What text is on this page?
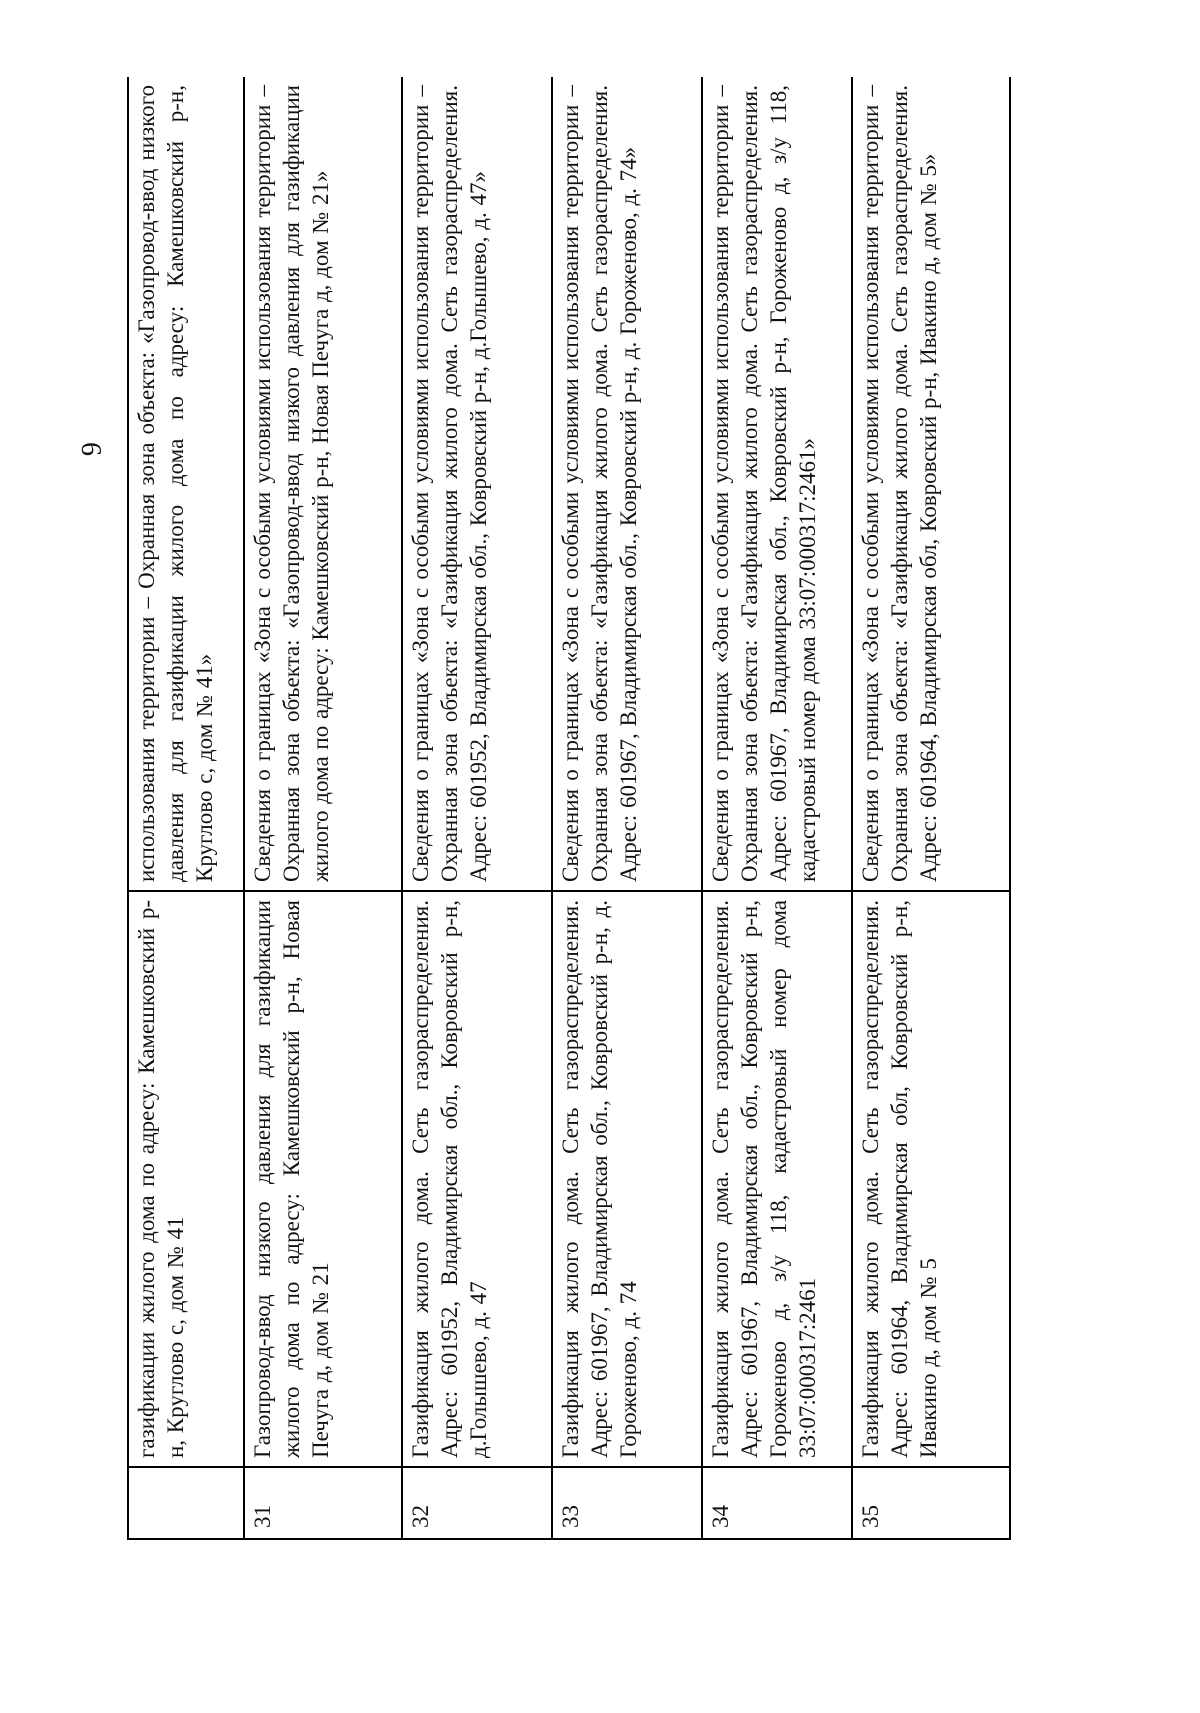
6
	газификации жилого дома по адресу: Камешковский р-н, Круглово с, дом № 41	использования территории – Охранная зона объекта: «Газопровод-ввод низкого давления для газификации жилого дома по адресу: Камешковский р-н, Круглово с, дом № 41»
31	Газопровод-ввод низкого давления для газификации жилого дома по адресу: Камешковский р-н, Новая Печуга д, дом № 21	Сведения о границах «Зона с особыми условиями использования территории – Охранная зона объекта: «Газопровод-ввод низкого давления для газификации жилого дома по адресу: Камешковский р-н, Новая Печуга д, дом № 21»
32	Газификация жилого дома. Сеть газораспределения. Адрес: 601952, Владимирская обл., Ковровский р-н, д.Голышево, д. 47	Сведения о границах «Зона с особыми условиями использования территории – Охранная зона объекта: «Газификация жилого дома. Сеть газораспределения. Адрес: 601952, Владимирская обл., Ковровский р-н, д.Голышево, д. 47»
33	Газификация жилого дома. Сеть газораспределения. Адрес: 601967, Владимирская обл., Ковровский р-н, д. Гороженово, д. 74	Сведения о границах «Зона с особыми условиями использования территории – Охранная зона объекта: «Газификация жилого дома. Сеть газораспределения. Адрес: 601967, Владимирская обл., Ковровский р-н, д. Гороженово, д. 74»
34	Газификация жилого дома. Сеть газораспределения. Адрес: 601967, Владимирская обл., Ковровский р-н, Гороженово д, з/у 118, кадастровый номер дома 33:07:000317:2461	Сведения о границах «Зона с особыми условиями использования территории – Охранная зона объекта: «Газификация жилого дома. Сеть газораспределения. Адрес: 601967, Владимирская обл., Ковровский р-н, Гороженово д, з/у 118, кадастровый номер дома 33:07:000317:2461»
35	Газификация жилого дома. Сеть газораспределения. Адрес: 601964, Владимирская обл, Ковровский р-н, Ивакино д, дом № 5	Сведения о границах «Зона с особыми условиями использования территории – Охранная зона объекта: «Газификация жилого дома. Сеть газораспределения. Адрес: 601964, Владимирская обл, Ковровский р-н, Ивакино д, дом № 5»
